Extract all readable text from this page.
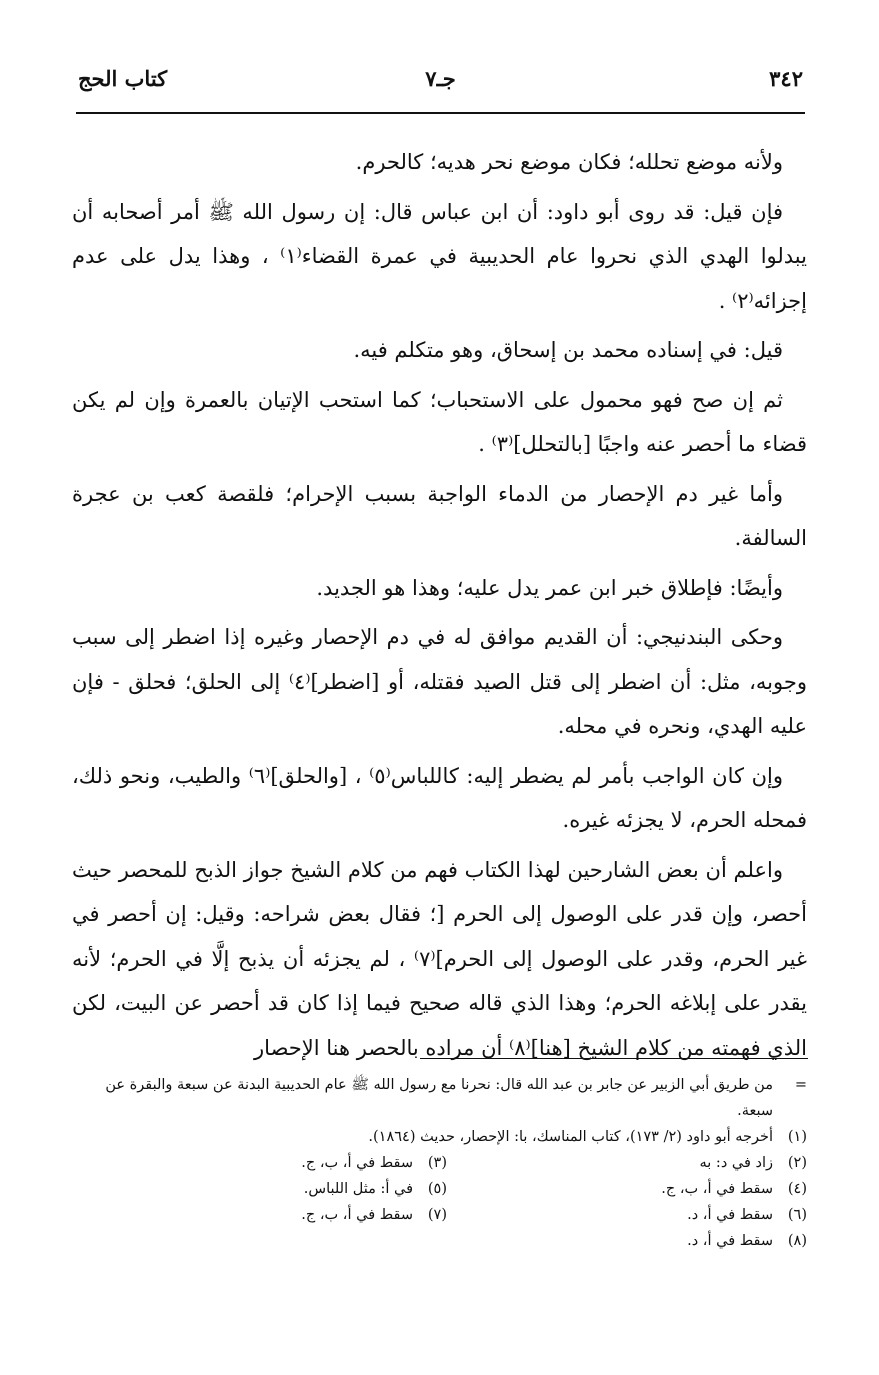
٣٤٢
جـ٧
كتاب الحج

ولأنه موضع تحلله؛ فكان موضع نحر هديه؛ كالحرم.

فإن قيل: قد روى أبو داود: أن ابن عباس قال: إن رسول الله ﷺ أمر أصحابه أن يبدلوا الهدي الذي نحروا عام الحديبية في عمرة القضاء⁽١⁾ ، وهذا يدل على عدم إجزائه⁽٢⁾ .

قيل: في إسناده محمد بن إسحاق، وهو متكلم فيه.

ثم إن صح فهو محمول على الاستحباب؛ كما استحب الإتيان بالعمرة وإن لم يكن قضاء ما أحصر عنه واجبًا [بالتحلل]⁽٣⁾ .

وأما غير دم الإحصار من الدماء الواجبة بسبب الإحرام؛ فلقصة كعب بن عجرة السالفة.

وأيضًا: فإطلاق خبر ابن عمر يدل عليه؛ وهذا هو الجديد.

وحكى البندنيجي: أن القديم موافق له في دم الإحصار وغيره إذا اضطر إلى سبب وجوبه، مثل: أن اضطر إلى قتل الصيد فقتله، أو [اضطر]⁽٤⁾ إلى الحلق؛ فحلق - فإن عليه الهدي، ونحره في محله.

وإن كان الواجب بأمر لم يضطر إليه: كاللباس⁽٥⁾ ، [والحلق]⁽٦⁾ والطيب، ونحو ذلك، فمحله الحرم، لا يجزئه غيره.

واعلم أن بعض الشارحين لهذا الكتاب فهم من كلام الشيخ جواز الذبح للمحصر حيث أحصر، وإن قدر على الوصول إلى الحرم [؛ فقال بعض شراحه: وقيل: إن أحصر في غير الحرم، وقدر على الوصول إلى الحرم]⁽٧⁾ ، لم يجزئه أن يذبح إلَّا في الحرم؛ لأنه يقدر على إبلاغه الحرم؛ وهذا الذي قاله صحيح فيما إذا كان قد أحصر عن البيت، لكن الذي فهمته من كلام الشيخ [هنا]⁽٨⁾ أن مراده بالحصر هنا الإحصار

=
من طريق أبي الزبير عن جابر بن عبد الله قال: نحرنا مع رسول الله ﷺ عام الحديبية البدنة عن سبعة والبقرة عن سبعة.
(١)
أخرجه أبو داود (٢/ ١٧٣)، كتاب المناسك، با: الإحصار، حديث (١٨٦٤).
(٢)
زاد في د: به
(٣)
سقط في أ، ب، ج.
(٤)
سقط في أ، ب، ج.
(٥)
في أ: مثل اللباس.
(٦)
سقط في أ، د.
(٧)
سقط في أ، ب، ج.
(٨)
سقط في أ، د.
